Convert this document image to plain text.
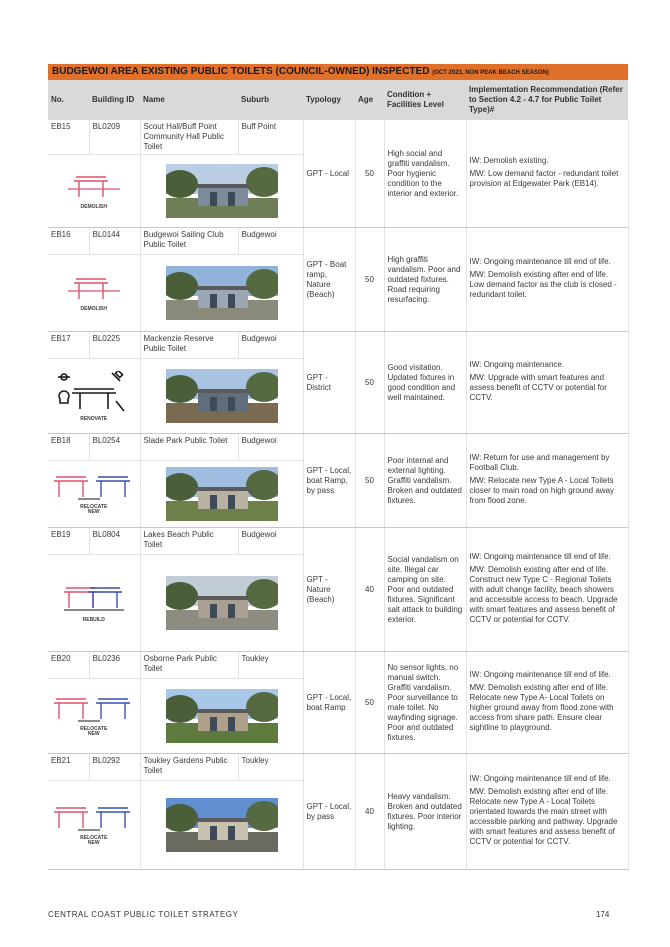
BUDGEWOI AREA EXISTING PUBLIC TOILETS (COUNCIL-OWNED) INSPECTED (OCT 2023, NON PEAK BEACH SEASON)
No.	Building ID	Name	Suburb	Typology	Age	Condition + Facilities Level	Implementation Recommendation (Refer to Section 4.2 - 4.7 for Public Toilet Type)#
EB15	BL0209	Scout Hall/Buff Point Community Hall Public Toilet	Buff Point	GPT - Local	50	High social and graffiti vandalism. Poor hygienic condition to the interior and exterior.	IW: Demolish existing.

MW: Low demand factor - redundant toilet provision at Edgewater Park (EB14).

DEMOLISH

EB16	BL0144	Budgewoi Sailing Club Public Toilet	Budgewoi	GPT - Boat ramp, Nature (Beach)	50	High graffiti vandalism. Poor and outdated fixtures. Road requiring resurfacing.	IW: Ongoing maintenance till end of life.

MW: Demolish existing after end of life. Low demand factor as the club is closed - redundant toilet.

DEMOLISH

EB17	BL0225	Mackenzie Reserve Public Toilet	Budgewoi	GPT - District	50	Good visitation. Updated fixtures in good condition and well maintained.	IW: Ongoing maintenance.

MW: Upgrade with smart features and assess benefit of CCTV or potential for CCTV.

RENOVATE

EB18	BL0254	Slade Park Public Toilet	Budgewoi	GPT - Local, boat Ramp, by pass	50	Poor internal and external lighting. Graffiti vandalism. Broken and outdated fixtures.	IW: Return for use and management by Football Club.

MW: Relocate new Type A - Local Toilets closer to main road on high ground away from flood zone.

RELOCATE
NEW

EB19	BL0804	Lakes Beach Public Toilet	Budgewoi	GPT - Nature (Beach)	40	Social vandalism on site. Illegal car camping on site. Poor and outdated fixtures. Significant salt attack to building exterior.	IW: Ongoing maintenance till end of life.

MW: Demolish existing after end of life. Construct new Type C - Regional Toilets with adult change facility, beach showers and accessible access to beach. Upgrade with smart features and assess benefit of CCTV or potential for CCTV.

REBUILD

EB20	BL0236	Osborne Park Public Toilet	Toukley	GPT - Local, boat Ramp	50	No sensor lights, no manual switch. Graffiti vandalism. Poor surveillance to male toilet. No wayfinding signage. Poor and outdated fixtures.	IW: Ongoing maintenance till end of life.

MW: Demolish existing after end of life. Relocate new Type A- Local Toilets on higher ground away from flood zone with access from share path. Ensure clear sightline to playground.

RELOCATE
NEW

EB21	BL0292	Toukley Gardens Public Toilet	Toukley	GPT - Local, by pass	40	Heavy vandalism. Broken and outdated fixtures. Poor interior lighting.	IW: Ongoing maintenance till end of life.

MW: Demolish existing after end of life. Relocate new Type A - Local Toilets orientated towards the main street with accessible parking and pathway. Upgrade with smart features and assess benefit of CCTV or potential for CCTV.

RELOCATE
NEW

CENTRAL COAST PUBLIC TOILET STRATEGY	174
